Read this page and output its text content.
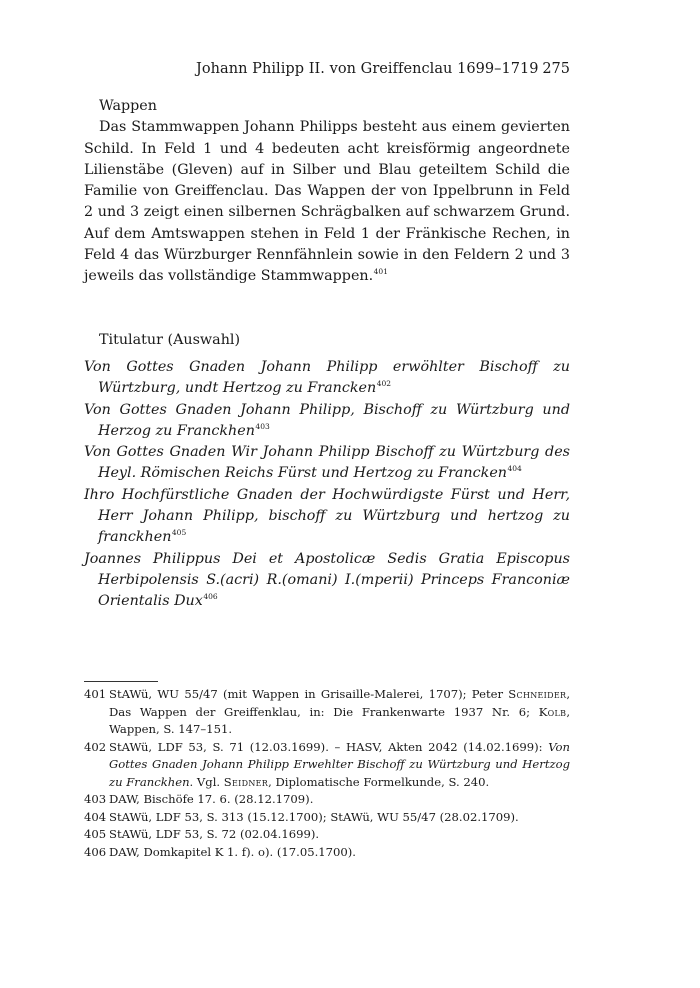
Johann Philipp II. von Greiffenclau 1699–1719 275

Wappen

Das Stammwappen Johann Philipps besteht aus einem gevierten Schild. In Feld 1 und 4 bedeuten acht kreisförmig angeordnete Lilienstäbe (Gleven) auf in Silber und Blau geteiltem Schild die Familie von Greiffenclau. Das Wappen der von Ippelbrunn in Feld 2 und 3 zeigt einen silbernen Schrägbalken auf schwarzem Grund. Auf dem Amtswappen stehen in Feld 1 der Fränkische Rechen, in Feld 4 das Würzburger Rennfähnlein sowie in den Feldern 2 und 3 jeweils das vollständige Stammwappen.$^{401}$

Titulatur (Auswahl)

Von Gottes Gnaden Johann Philipp erwöhlter Bischoff zu Würtzburg, undt Hertzog zu Francken$^{402}$

Von Gottes Gnaden Johann Philipp, Bischoff zu Würtzburg und Herzog zu Franckhen$^{403}$

Von Gottes Gnaden Wir Johann Philipp Bischoff zu Würtzburg des Heyl. Römischen Reichs Fürst und Hertzog zu Francken$^{404}$

Ihro Hochfürstliche Gnaden der Hochwürdigste Fürst und Herr, Herr Johann Philipp, bischoff zu Würtzburg und hertzog zu franckhen$^{405}$

Joannes Philippus Dei et Apostolicæ Sedis Gratia Episcopus Herbipolensis S.(acri) R.(omani) I.(mperii) Princeps Franconiæ Orientalis Dux$^{406}$

401 StAWü, WU 55/47 (mit Wappen in Grisaille-Malerei, 1707); Peter Schneider, Das Wappen der Greiffenklau, in: Die Frankenwarte 1937 Nr. 6; Kolb, Wappen, S. 147–151.
402 StAWü, LDF 53, S. 71 (12.03.1699). – HASV, Akten 2042 (14.02.1699): Von Gottes Gnaden Johann Philipp Erwehlter Bischoff zu Würtzburg und Hertzog zu Franckhen. Vgl. Seidner, Diplomatische Formelkunde, S. 240.
403 DAW, Bischöfe 17. 6. (28.12.1709).
404 StAWü, LDF 53, S. 313 (15.12.1700); StAWü, WU 55/47 (28.02.1709).
405 StAWü, LDF 53, S. 72 (02.04.1699).
406 DAW, Domkapitel K 1. f). o). (17.05.1700).
